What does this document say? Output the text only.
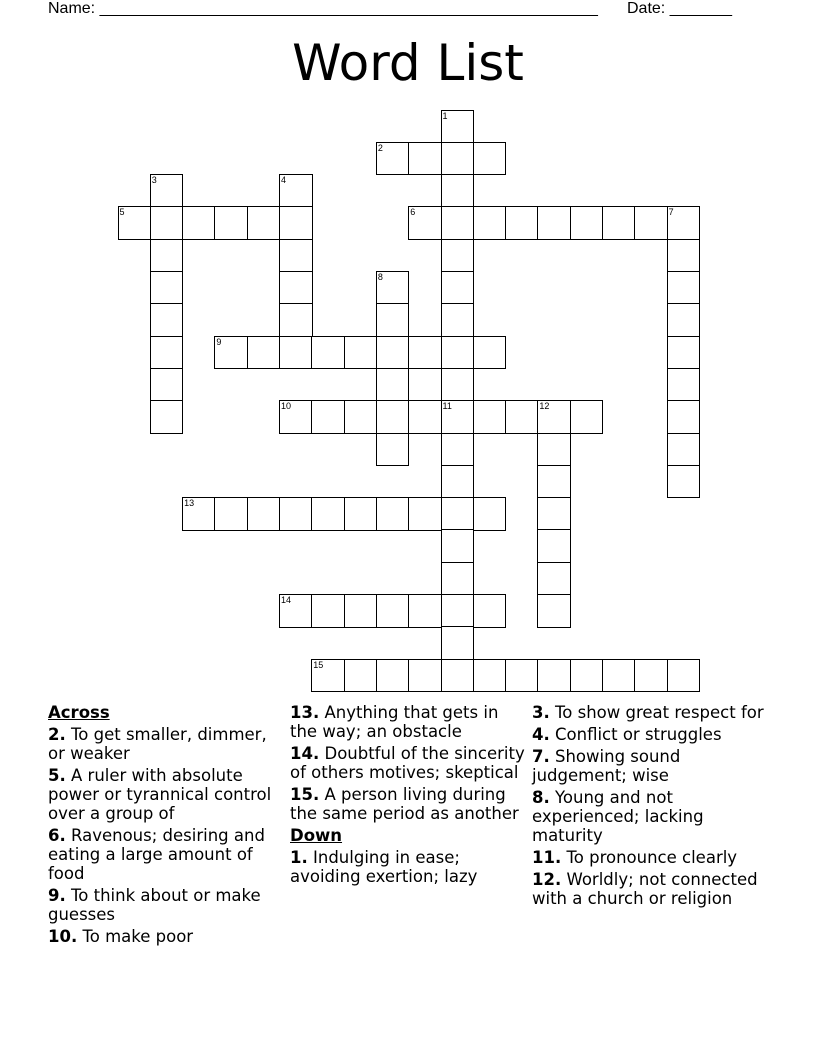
Name: ________________________________________________________ Date: _______
Word List
1
11
2
3	4
5	6	7
8
9
10	12
13
14
15
Across
2. To get smaller, dimmer, or weaker
5. A ruler with absolute power or tyrannical control over a group of
6. Ravenous; desiring and eating a large amount of food
9. To think about or make guesses
10. To make poor
13. Anything that gets in the way; an obstacle
14. Doubtful of the sincerity of others motives; skeptical
15. A person living during the same period as another
Down
1. Indulging in ease; avoiding exertion; lazy
3. To show great respect for
4. Conflict or struggles
7. Showing sound judgement; wise
8. Young and not experienced; lacking maturity
11. To pronounce clearly
12. Worldly; not connected with a church or religion
